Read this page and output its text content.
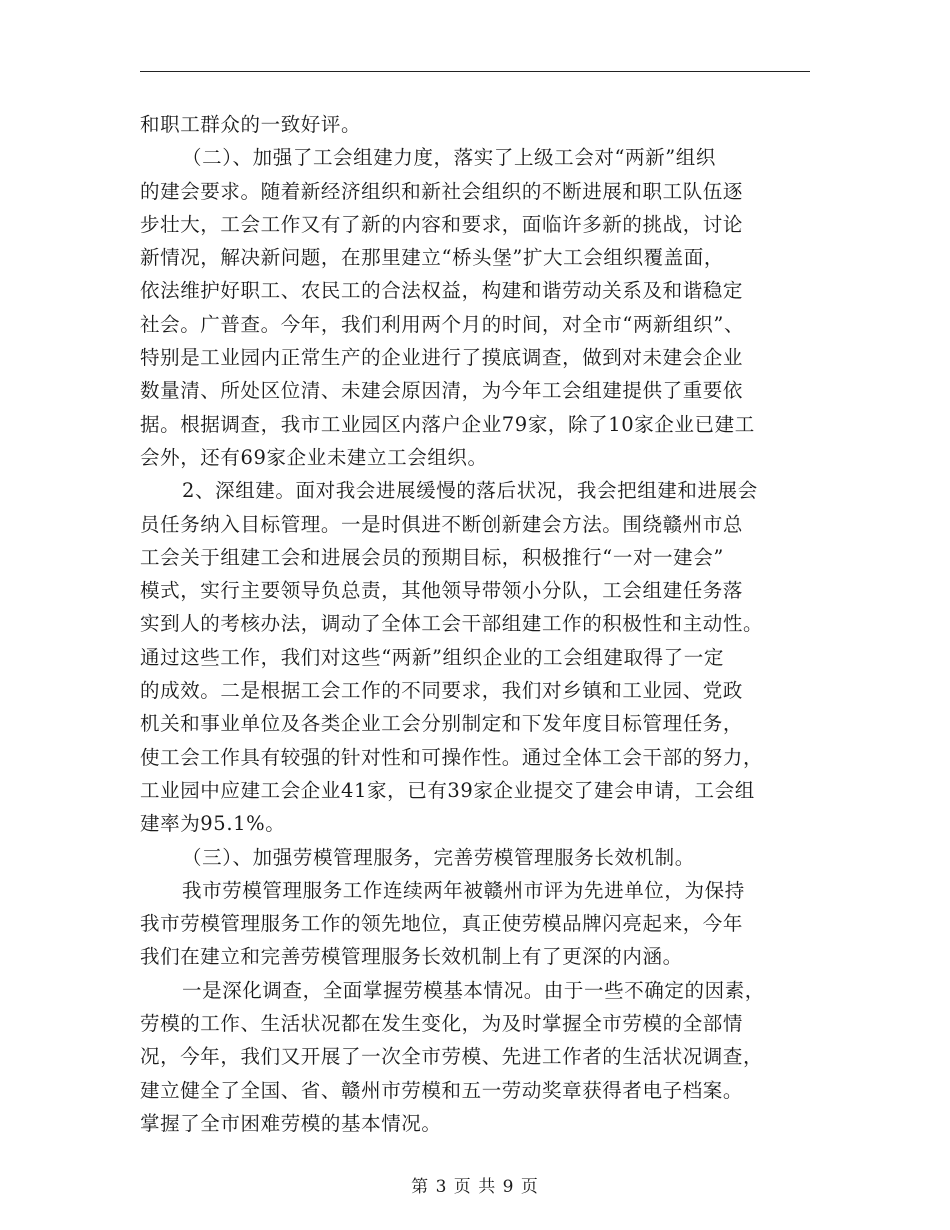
和职工群众的一致好评。
（二）、加强了工会组建力度，落实了上级工会对“两新”组织
的建会要求。随着新经济组织和新社会组织的不断进展和职工队伍逐
步壮大，工会工作又有了新的内容和要求，面临许多新的挑战，讨论
新情况，解决新问题，在那里建立“桥头堡”扩大工会组织覆盖面，
依法维护好职工、农民工的合法权益，构建和谐劳动关系及和谐稳定
社会。广普查。今年，我们利用两个月的时间，对全市“两新组织”、
特别是工业园内正常生产的企业进行了摸底调查，做到对未建会企业
数量清、所处区位清、未建会原因清，为今年工会组建提供了重要依
据。根据调查，我市工业园区内落户企业79家，除了10家企业已建工
会外，还有69家企业未建立工会组织。
2、深组建。面对我会进展缓慢的落后状况，我会把组建和进展会
员任务纳入目标管理。一是时俱进不断创新建会方法。围绕赣州市总
工会关于组建工会和进展会员的预期目标，积极推行“一对一建会”
模式，实行主要领导负总责，其他领导带领小分队，工会组建任务落
实到人的考核办法，调动了全体工会干部组建工作的积极性和主动性。
通过这些工作，我们对这些“两新”组织企业的工会组建取得了一定
的成效。二是根据工会工作的不同要求，我们对乡镇和工业园、党政
机关和事业单位及各类企业工会分别制定和下发年度目标管理任务，
使工会工作具有较强的针对性和可操作性。通过全体工会干部的努力，
工业园中应建工会企业41家，已有39家企业提交了建会申请，工会组
建率为95.1%。
（三）、加强劳模管理服务，完善劳模管理服务长效机制。
我市劳模管理服务工作连续两年被赣州市评为先进单位，为保持
我市劳模管理服务工作的领先地位，真正使劳模品牌闪亮起来，今年
我们在建立和完善劳模管理服务长效机制上有了更深的内涵。
一是深化调查，全面掌握劳模基本情况。由于一些不确定的因素，
劳模的工作、生活状况都在发生变化，为及时掌握全市劳模的全部情
况，今年，我们又开展了一次全市劳模、先进工作者的生活状况调查，
建立健全了全国、省、赣州市劳模和五一劳动奖章获得者电子档案。
掌握了全市困难劳模的基本情况。
第 3 页 共 9 页
